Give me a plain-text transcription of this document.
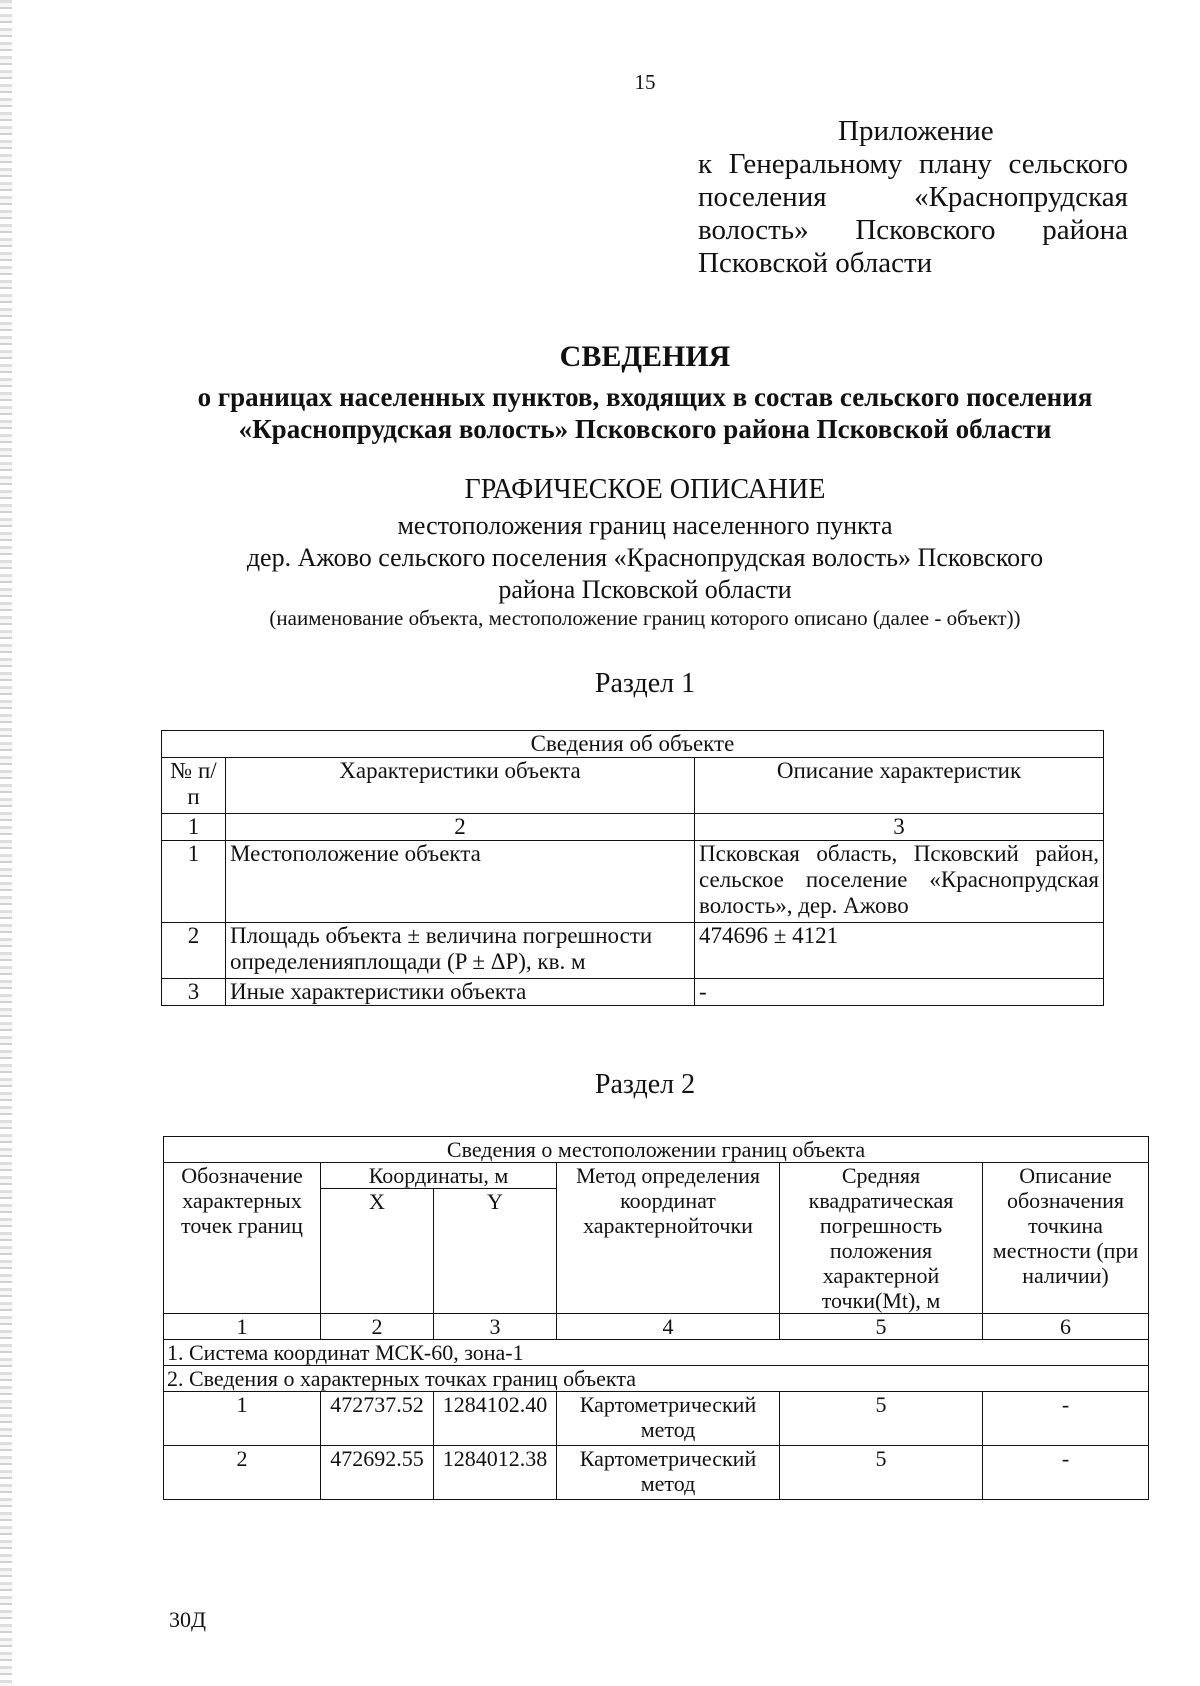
15
Приложение
к Генеральному плану сельского
поселения «Краснопрудская
волость» Псковского района
Псковской области
СВЕДЕНИЯ
о границах населенных пунктов, входящих в состав сельского поселения
«Краснопрудская волость» Псковского района Псковской области
ГРАФИЧЕСКОЕ ОПИСАНИЕ
местоположения границ населенного пункта
дер. Ажово сельского поселения «Краснопрудская волость» Псковского
района Псковской области
(наименование объекта, местоположение границ которого описано (далее - объект))
Раздел 1
Сведения об объекте		
№ п/п	Характеристики объекта	Описание характеристик
1	2	3
1	Местоположение объекта	Псковская область, Псковский район, сельское поселение «Краснопрудская волость», дер. Ажово
2	Площадь объекта ± величина погрешности определенияплощади (P ± ΔP), кв. м	474696 ± 4121
3	Иные характеристики объекта	-
Раздел 2
Сведения о местоположении границ объекта					
Обозначение характерных точек границ	Координаты, м		Метод определения координат характернойточки	Средняя квадратическая погрешность положения характерной точки(Mt), м	Описание обозначения точкина местности (при наличии)
	X	Y			
1	2	3	4	5	6
1. Система координат МСК-60, зона-1					
2. Сведения о характерных точках границ объекта					
1	472737.52	1284102.40	Картометрический метод	5	-
2	472692.55	1284012.38	Картометрический метод	5	-
30Д
